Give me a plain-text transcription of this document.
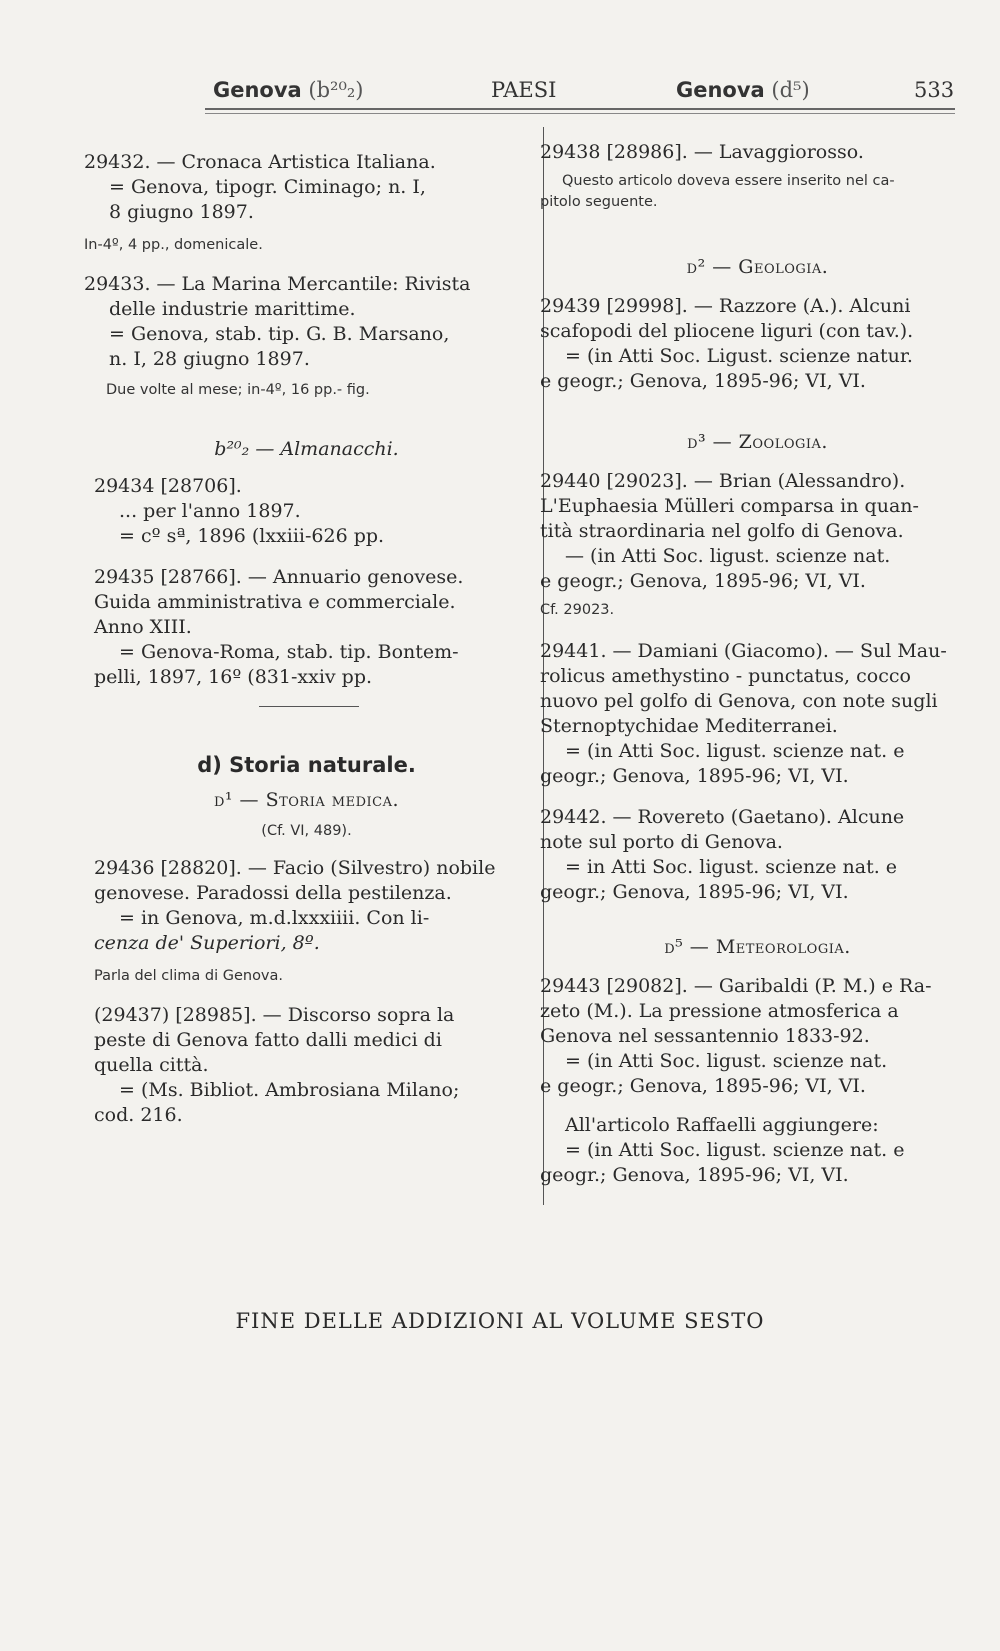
Genova (b²⁰₂)	PAESI	Genova (d⁵)	533

29432. — Cronaca Artistica Italiana.

= Genova, tipogr. Ciminago; n. I,

8 giugno 1897.

In-4º, 4 pp., domenicale.

29433. — La Marina Mercantile: Rivista

delle industrie marittime.

= Genova, stab. tip. G. B. Marsano,

n. I, 28 giugno 1897.

Due volte al mese; in-4º, 16 pp.- fig.

b²⁰₂ — Almanacchi.

29434 [28706].

... per l'anno 1897.

= cº sª, 1896 (lxxiii-626 pp.

29435 [28766]. — Annuario genovese.

Guida amministrativa e commerciale.

Anno XIII.

= Genova-Roma, stab. tip. Bontem-

pelli, 1897, 16º (831-xxiv pp.

d) Storia naturale.

d¹ — Storia medica.

(Cf. VI, 489).

29436 [28820]. — Facio (Silvestro) nobile

genovese. Paradossi della pestilenza.

= in Genova, m.d.lxxxiiii. Con li-

cenza de' Superiori, 8º.

Parla del clima di Genova.

(29437) [28985]. — Discorso sopra la

peste di Genova fatto dalli medici di

quella città.

= (Ms. Bibliot. Ambrosiana Milano;

cod. 216.

29438 [28986]. — Lavaggiorosso.

Questo articolo doveva essere inserito nel ca-

pitolo seguente.

d² — Geologia.

29439 [29998]. — Razzore (A.). Alcuni

scafopodi del pliocene liguri (con tav.).

= (in Atti Soc. Ligust. scienze natur.

e geogr.; Genova, 1895-96; VI, VI.

d³ — Zoologia.

29440 [29023]. — Brian (Alessandro).

L'Euphaesia Mülleri comparsa in quan-

tità straordinaria nel golfo di Genova.

— (in Atti Soc. ligust. scienze nat.

e geogr.; Genova, 1895-96; VI, VI.

Cf. 29023.

29441. — Damiani (Giacomo). — Sul Mau-

rolicus amethystino - punctatus, cocco

nuovo pel golfo di Genova, con note sugli

Sternoptychidae Mediterranei.

= (in Atti Soc. ligust. scienze nat. e

geogr.; Genova, 1895-96; VI, VI.

29442. — Rovereto (Gaetano). Alcune

note sul porto di Genova.

= in Atti Soc. ligust. scienze nat. e

geogr.; Genova, 1895-96; VI, VI.

d⁵ — Meteorologia.

29443 [29082]. — Garibaldi (P. M.) e Ra-

zeto (M.). La pressione atmosferica a

Genova nel sessantennio 1833-92.

= (in Atti Soc. ligust. scienze nat.

e geogr.; Genova, 1895-96; VI, VI.

All'articolo Raffaelli aggiungere:

= (in Atti Soc. ligust. scienze nat. e

geogr.; Genova, 1895-96; VI, VI.

FINE DELLE ADDIZIONI AL VOLUME SESTO
